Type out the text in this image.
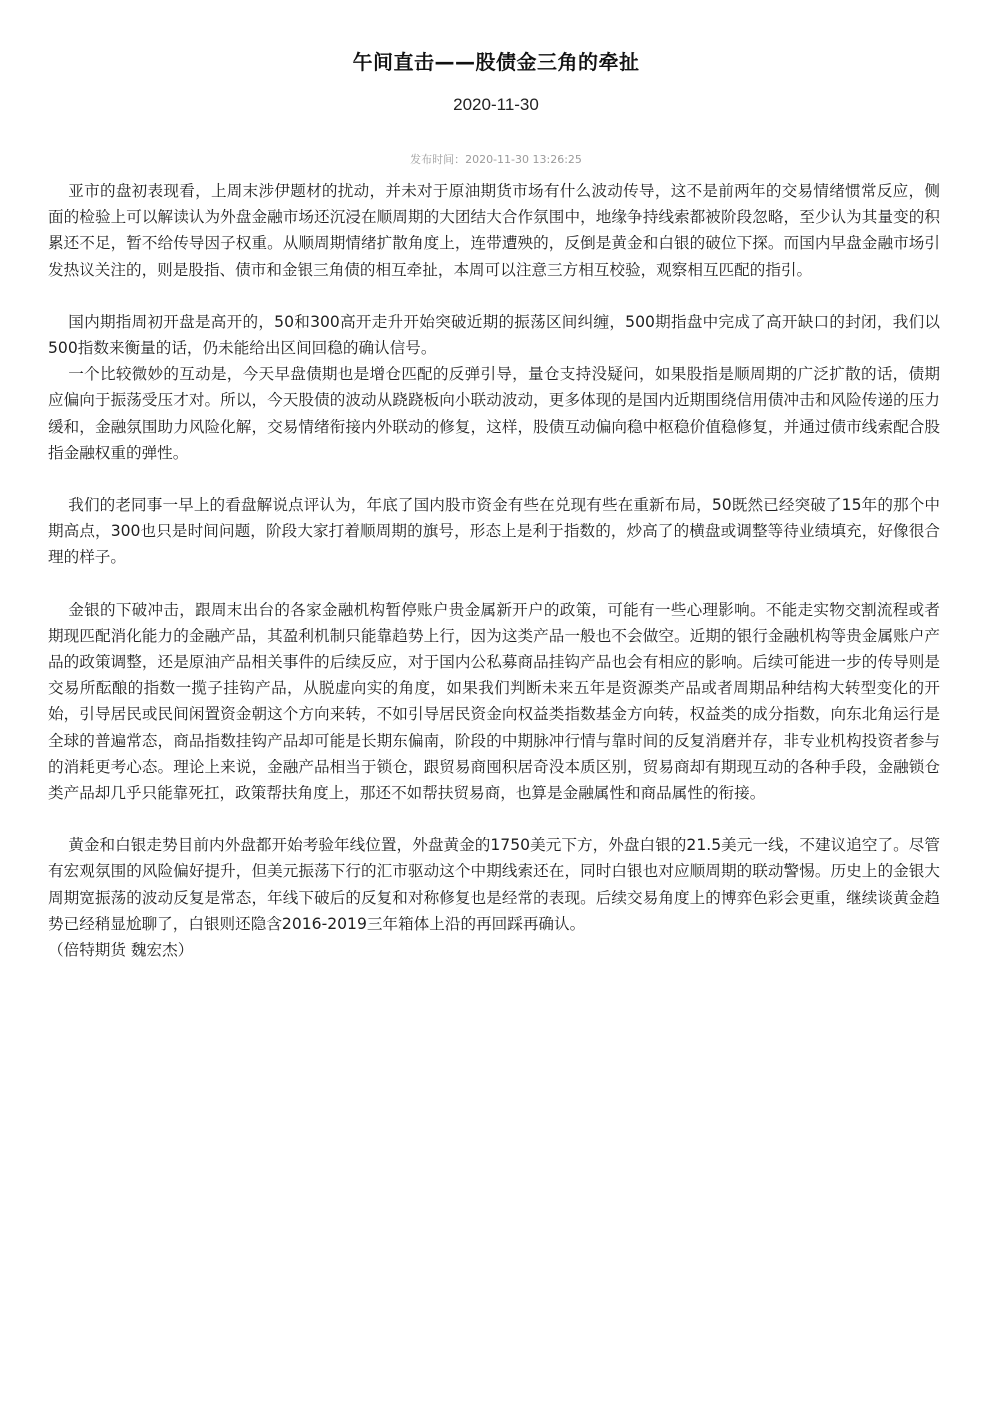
午间直击——股债金三角的牵扯
2020-11-30
发布时间：2020-11-30 13:26:25

亚市的盘初表现看，上周末涉伊题材的扰动，并未对于原油期货市场有什么波动传导，这不是前两年的交易情绪惯常反应，侧面的检验上可以解读认为外盘金融市场还沉浸在顺周期的大团结大合作氛围中，地缘争持线索都被阶段忽略，至少认为其量变的积累还不足，暂不给传导因子权重。从顺周期情绪扩散角度上，连带遭殃的，反倒是黄金和白银的破位下探。而国内早盘金融市场引发热议关注的，则是股指、债市和金银三角债的相互牵扯，本周可以注意三方相互校验，观察相互匹配的指引。

国内期指周初开盘是高开的，50和300高开走升开始突破近期的振荡区间纠缠，500期指盘中完成了高开缺口的封闭，我们以500指数来衡量的话，仍未能给出区间回稳的确认信号。

一个比较微妙的互动是，今天早盘债期也是增仓匹配的反弹引导，量仓支持没疑问，如果股指是顺周期的广泛扩散的话，债期应偏向于振荡受压才对。所以，今天股债的波动从跷跷板向小联动波动，更多体现的是国内近期围绕信用债冲击和风险传递的压力缓和，金融氛围助力风险化解，交易情绪衔接内外联动的修复，这样，股债互动偏向稳中枢稳价值稳修复，并通过债市线索配合股指金融权重的弹性。

我们的老同事一早上的看盘解说点评认为，年底了国内股市资金有些在兑现有些在重新布局，50既然已经突破了15年的那个中期高点，300也只是时间问题，阶段大家打着顺周期的旗号，形态上是利于指数的，炒高了的横盘或调整等待业绩填充，好像很合理的样子。

金银的下破冲击，跟周末出台的各家金融机构暂停账户贵金属新开户的政策，可能有一些心理影响。不能走实物交割流程或者期现匹配消化能力的金融产品，其盈利机制只能靠趋势上行，因为这类产品一般也不会做空。近期的银行金融机构等贵金属账户产品的政策调整，还是原油产品相关事件的后续反应，对于国内公私募商品挂钩产品也会有相应的影响。后续可能进一步的传导则是交易所酝酿的指数一揽子挂钩产品，从脱虚向实的角度，如果我们判断未来五年是资源类产品或者周期品种结构大转型变化的开始，引导居民或民间闲置资金朝这个方向来转，不如引导居民资金向权益类指数基金方向转，权益类的成分指数，向东北角运行是全球的普遍常态，商品指数挂钩产品却可能是长期东偏南，阶段的中期脉冲行情与靠时间的反复消磨并存，非专业机构投资者参与的消耗更考心态。理论上来说，金融产品相当于锁仓，跟贸易商囤积居奇没本质区别，贸易商却有期现互动的各种手段，金融锁仓类产品却几乎只能靠死扛，政策帮扶角度上，那还不如帮扶贸易商，也算是金融属性和商品属性的衔接。

黄金和白银走势目前内外盘都开始考验年线位置，外盘黄金的1750美元下方，外盘白银的21.5美元一线，不建议追空了。尽管有宏观氛围的风险偏好提升，但美元振荡下行的汇市驱动这个中期线索还在，同时白银也对应顺周期的联动警惕。历史上的金银大周期宽振荡的波动反复是常态，年线下破后的反复和对称修复也是经常的表现。后续交易角度上的博弈色彩会更重，继续谈黄金趋势已经稍显尬聊了，白银则还隐含2016-2019三年箱体上沿的再回踩再确认。

（倍特期货 魏宏杰）
